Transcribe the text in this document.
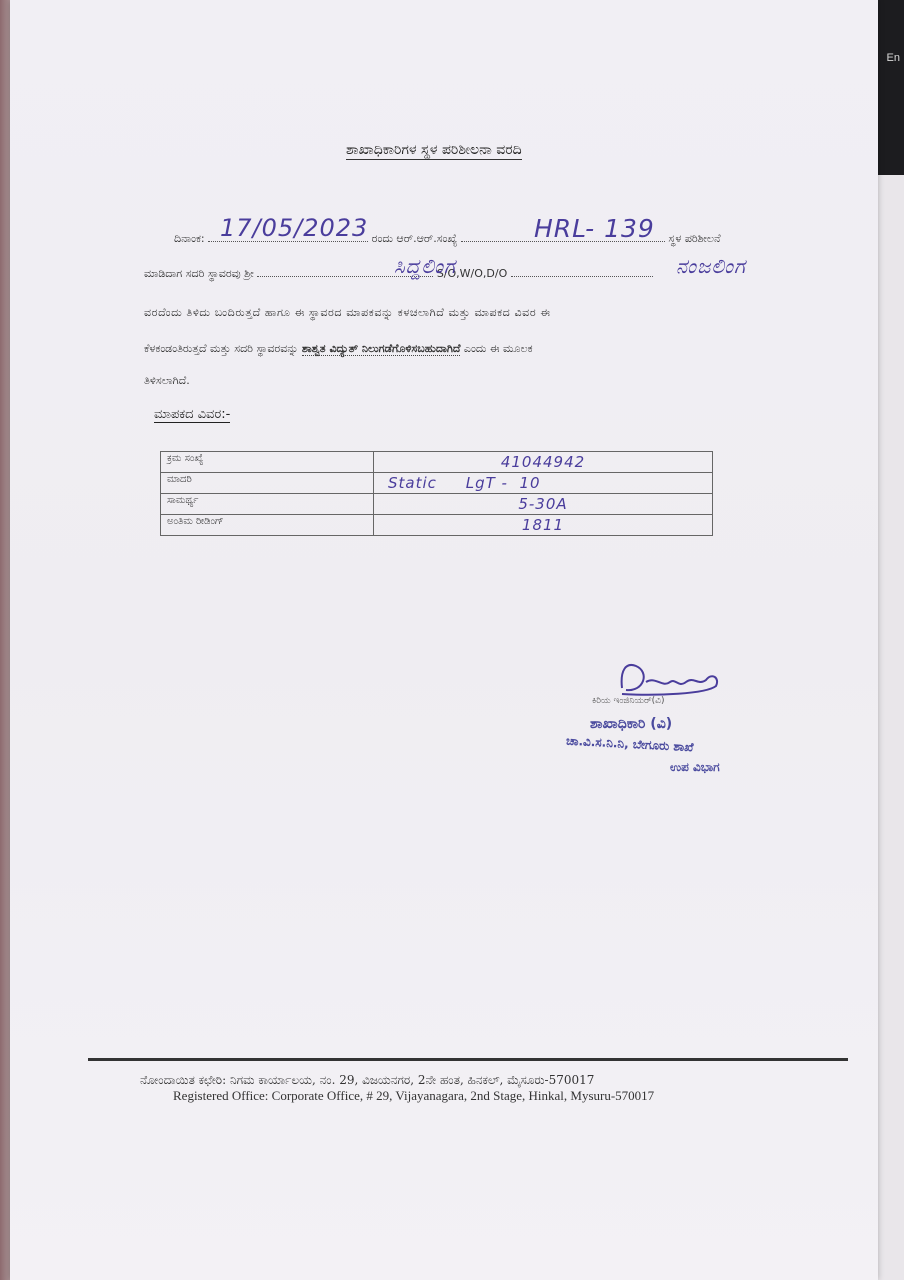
En
ಶಾಖಾಧಿಕಾರಿಗಳ ಸ್ಥಳ ಪರಿಶೀಲನಾ ವರದಿ
ದಿನಾಂಕ:	ರಂದು ಆರ್.ಆರ್.ಸಂಖ್ಯೆ	ಸ್ಥಳ ಪರಿಶೀಲನೆ
17/05/2023	HRL- 139
ಮಾಡಿದಾಗ ಸದರಿ ಸ್ಥಾವರವು ಶ್ರೀ	S/O,W/O,D/O
ಸಿದ್ದಲಿಂಗ	ನಂಜಲಿಂಗ
ವರದೆಂದು ತಿಳಿದು ಬಂದಿರುತ್ತದೆ ಹಾಗೂ ಈ ಸ್ಥಾವರದ ಮಾಪಕವನ್ನು ಕಳಚಲಾಗಿದೆ ಮತ್ತು ಮಾಪಕದ ವಿವರ ಈ
ಕೆಳಕಂಡಂತಿರುತ್ತದೆ ಮತ್ತು ಸದರಿ ಸ್ಥಾವರವನ್ನು ಶಾಶ್ವತ ವಿದ್ಯುತ್ ನಿಲುಗಡೆಗೊಳಿಸಬಹುದಾಗಿದೆ ಎಂದು ಈ ಮೂಲಕ
ತಿಳಿಸಲಾಗಿದೆ.
ಮಾಪಕದ ವಿವರ:-
ಕ್ರಮ ಸಂಖ್ಯೆ	41044942
ಮಾದರಿ	Static     LgT -  10
ಸಾಮರ್ಥ್ಯ	5-30A
ಅಂತಿಮ ರೀಡಿಂಗ್	1811
ಕಿರಿಯ ಇಂಜಿನಿಯರ್(ವಿ)
ಶಾಖಾಧಿಕಾರಿ (ವಿ)
ಚಾ.ವಿ.ಸ.ನಿ.ನಿ, ಬೇಗೂರು ಶಾಖೆ
ಉಪ ವಿಭಾಗ
ನೋಂದಾಯಿತ ಕಛೇರಿ: ನಿಗಮ ಕಾರ್ಯಾಲಯ, ನಂ. 29, ವಿಜಯನಗರ, 2ನೇ ಹಂತ, ಹಿನಕಲ್, ಮೈಸೂರು-570017
Registered Office: Corporate Office, # 29, Vijayanagara, 2nd Stage, Hinkal, Mysuru-570017
